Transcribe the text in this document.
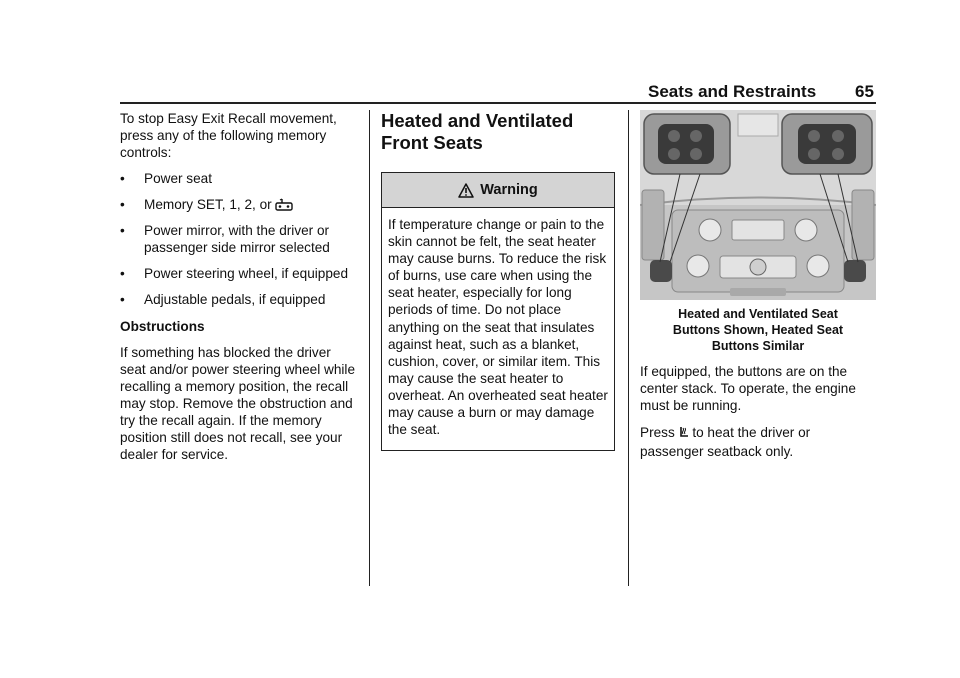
Seats and Restraints 65

To stop Easy Exit Recall movement, press any of the following memory controls:

• Power seat
• Memory SET, 1, 2, or
• Power mirror, with the driver or passenger side mirror selected
• Power steering wheel, if equipped
• Adjustable pedals, if equipped

Obstructions

If something has blocked the driver seat and/or power steering wheel while recalling a memory position, the recall may stop. Remove the obstruction and try the recall again. If the memory position still does not recall, see your dealer for service.

Heated and Ventilated
Front Seats
Warning
If temperature change or pain to the skin cannot be felt, the seat heater may cause burns. To reduce the risk of burns, use care when using the seat heater, especially for long periods of time. Do not place anything on the seat that insulates against heat, such as a blanket, cushion, cover, or similar item. This may cause the seat heater to overheat. An overheated seat heater may cause a burn or may damage the seat.
Heated and Ventilated Seat
Buttons Shown, Heated Seat
Buttons Similar

If equipped, the buttons are on the center stack. To operate, the engine must be running.

Press to heat the driver or passenger seatback only.
